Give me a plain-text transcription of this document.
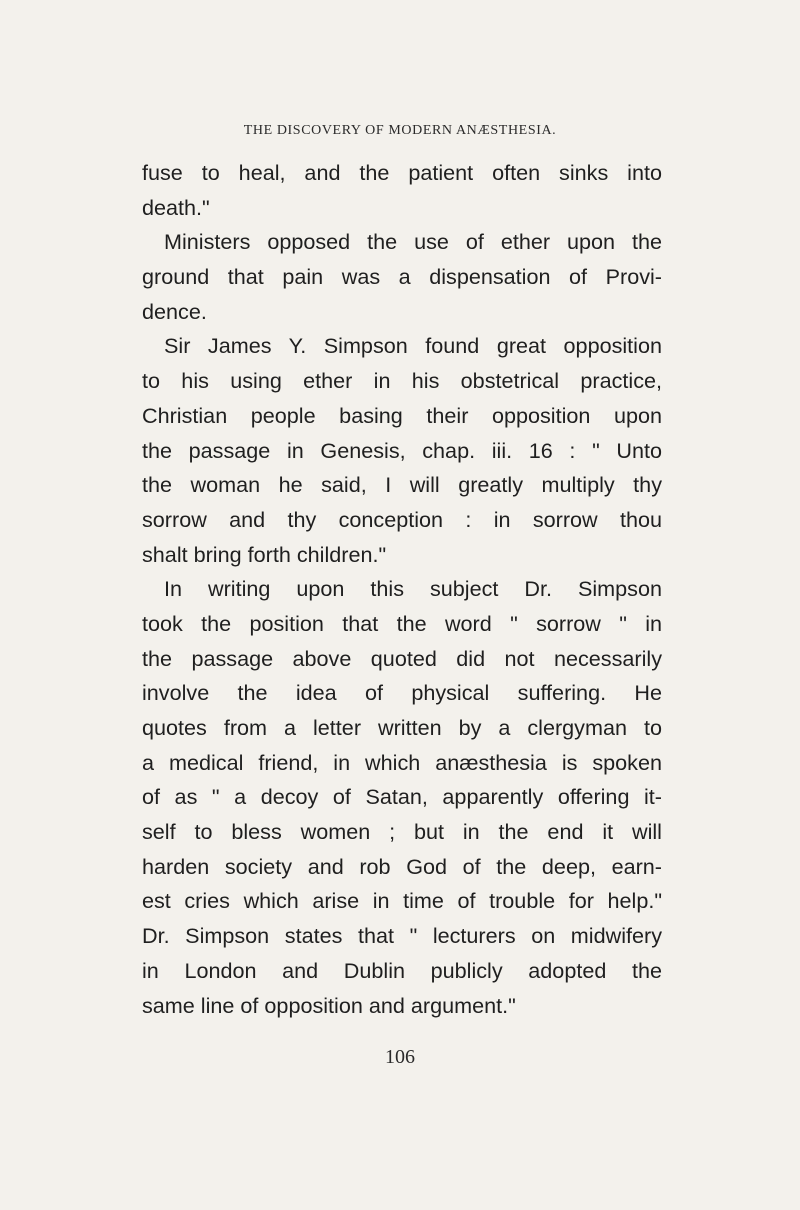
THE DISCOVERY OF MODERN ANÆSTHESIA.
fuse to heal, and the patient often sinks into
death."
Ministers opposed the use of ether upon the
ground that pain was a dispensation of Provi-
dence.
Sir James Y. Simpson found great opposition
to his using ether in his obstetrical practice,
Christian people basing their opposition upon
the passage in Genesis, chap. iii. 16 : " Unto
the woman he said, I will greatly multiply thy
sorrow and thy conception : in sorrow thou
shalt bring forth children."
In writing upon this subject Dr. Simpson
took the position that the word " sorrow " in
the passage above quoted did not necessarily
involve the idea of physical suffering. He
quotes from a letter written by a clergyman to
a medical friend, in which anæsthesia is spoken
of as " a decoy of Satan, apparently offering it-
self to bless women ; but in the end it will
harden society and rob God of the deep, earn-
est cries which arise in time of trouble for help."
Dr. Simpson states that " lecturers on midwifery
in London and Dublin publicly adopted the
same line of opposition and argument."
106
